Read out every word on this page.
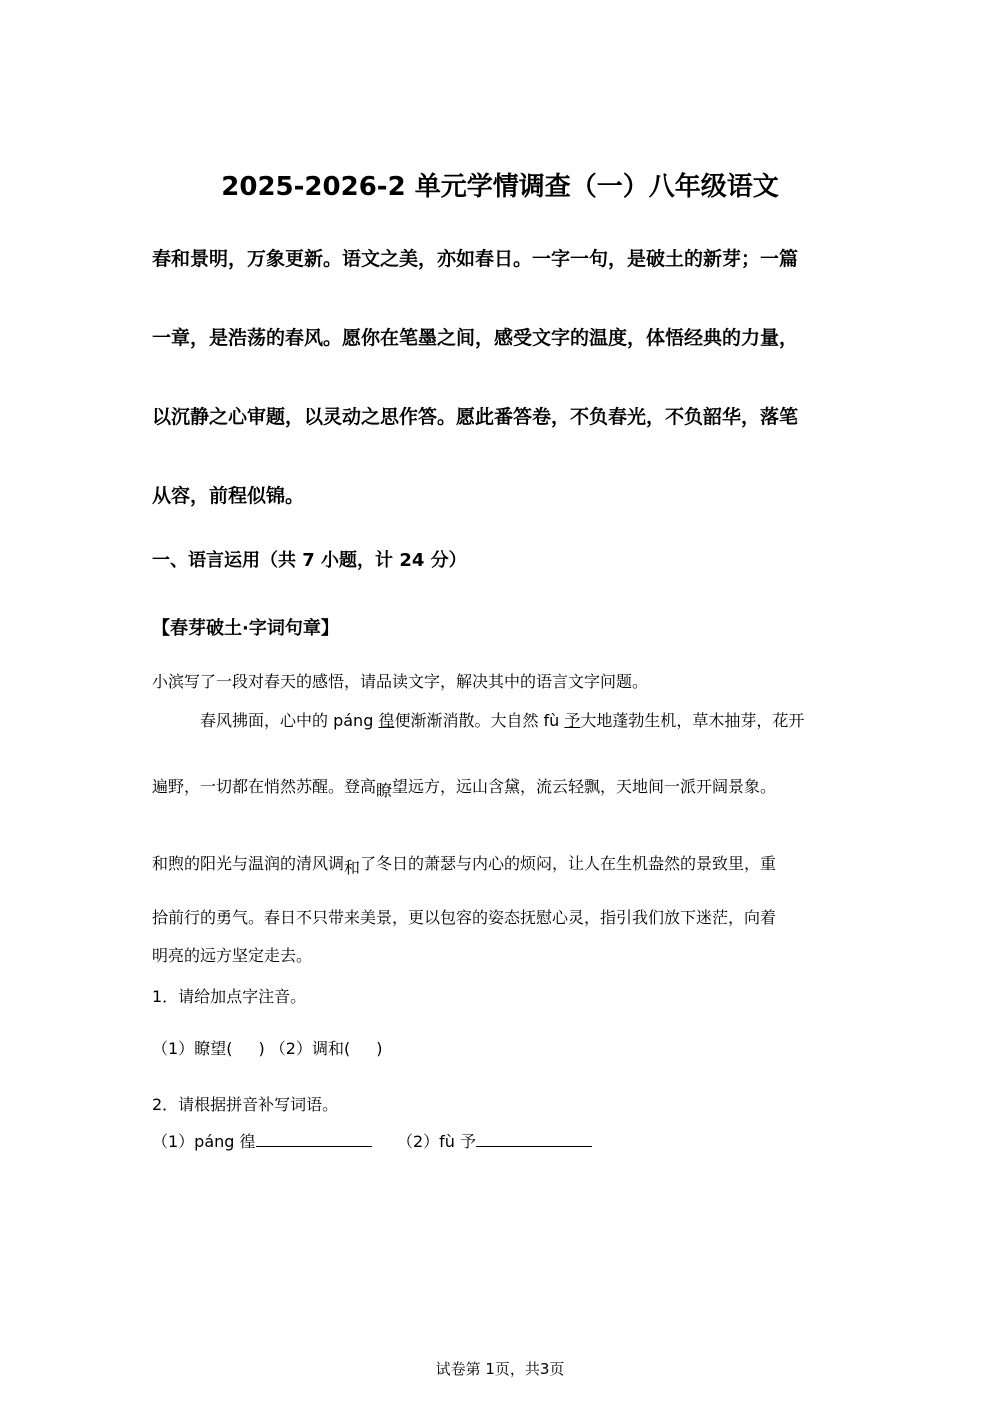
2025-2026-2 单元学情调查（一）八年级语文
春和景明，万象更新。语文之美，亦如春日。一字一句，是破土的新芽；一篇
一章，是浩荡的春风。愿你在笔墨之间，感受文字的温度，体悟经典的力量，
以沉静之心审题，以灵动之思作答。愿此番答卷，不负春光，不负韶华，落笔
从容，前程似锦。
一、语言运用（共 7 小题，计 24 分）
【春芽破土·字词句章】
小滨写了一段对春天的感悟，请品读文字，解决其中的语言文字问题。
春风拂面，心中的 páng 徨便渐渐消散。大自然 fù 予大地蓬勃生机，草木抽芽，花开
遍野，一切都在悄然苏醒。登高瞭望远方，远山含黛，流云轻飘，天地间一派开阔景象。
和煦的阳光与温润的清风调和了冬日的萧瑟与内心的烦闷，让人在生机盎然的景致里，重
拾前行的勇气。春日不只带来美景，更以包容的姿态抚慰心灵，指引我们放下迷茫，向着
明亮的远方坚定走去。
1．请给加点字注音。
（1）瞭望( ) （2）调和( )
2．请根据拼音补写词语。
（1）páng 徨	（2）fù 予
试卷第 1页，共3页
